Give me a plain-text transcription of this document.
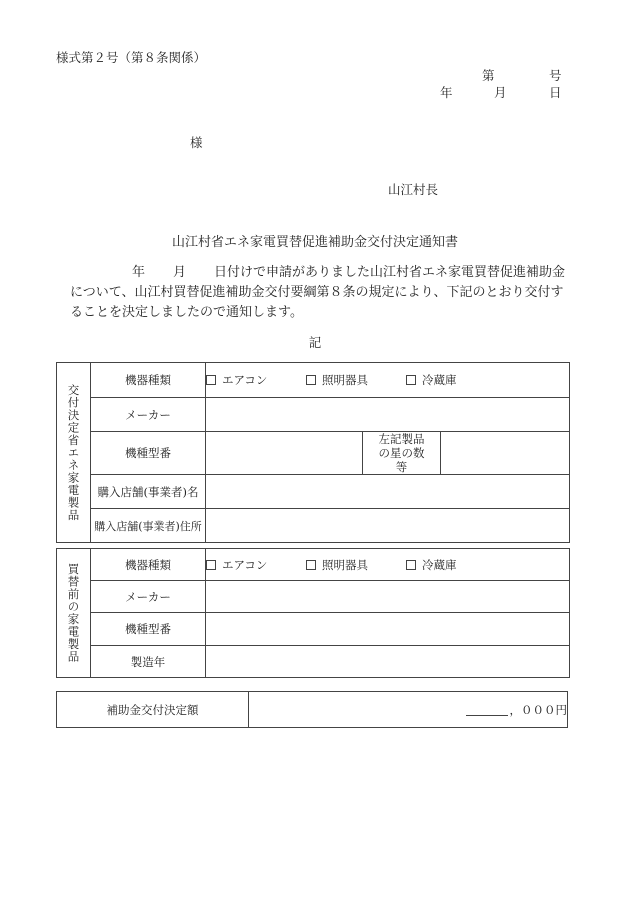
様式第２号（第８条関係）
第	号
年	月	日
様
山江村長
山江村省エネ家電買替促進補助金交付決定通知書
年 月 日付けで申請がありました山江村省エネ家電買替促進補助金について、山江村買替促進補助金交付要綱第８条の規定により、下記のとおり交付することを決定しましたので通知します。
記
交付決定省エネ家電製品	機器種類	エアコン 照明器具 冷蔵庫		
	メーカー			
	機種型番		左記製品の星の数等	

	購入店舗(事業者)名			
	購入店舗(事業者)住所			
買替前の家電製品	機器種類	エアコン 照明器具 冷蔵庫
	メーカー	
	機種型番	
	製造年	
補助金交付決定額	，０００円
